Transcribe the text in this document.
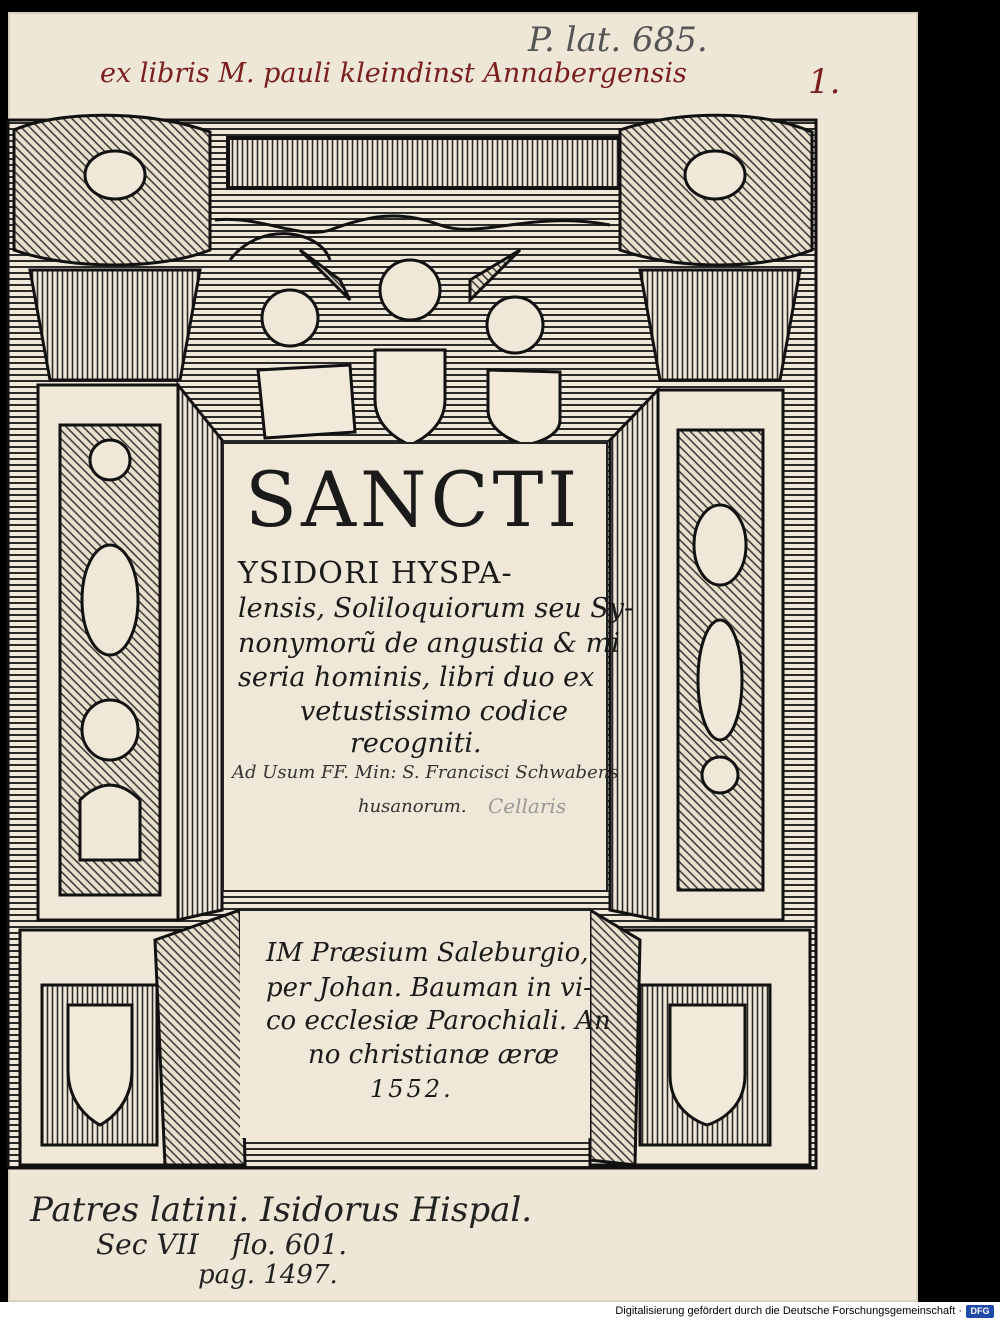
P. lat. 685.
ex libris M. pauli kleindinst Annabergensis	1.
SANCTI
YSIDORI HYSPA-
lensis, Soliloquiorum seu Sy-
nonymorũ de angustia & mi
seria hominis, libri duo ex
vetustissimo codice
recogniti.
Ad Usum FF. Min: S. Francisci Schwabens
husanorum. Cellaris
IM Præsium Saleburgio,
per Johan. Bauman in vi-
co ecclesiæ Parochiali. An
no christianæ æræ
1552.
Patres latini. Isidorus Hispal.
Sec VII flo. 601.
pag. 1497.
Digitalisierung gefördert durch die Deutsche Forschungsgemeinschaft · DFG
